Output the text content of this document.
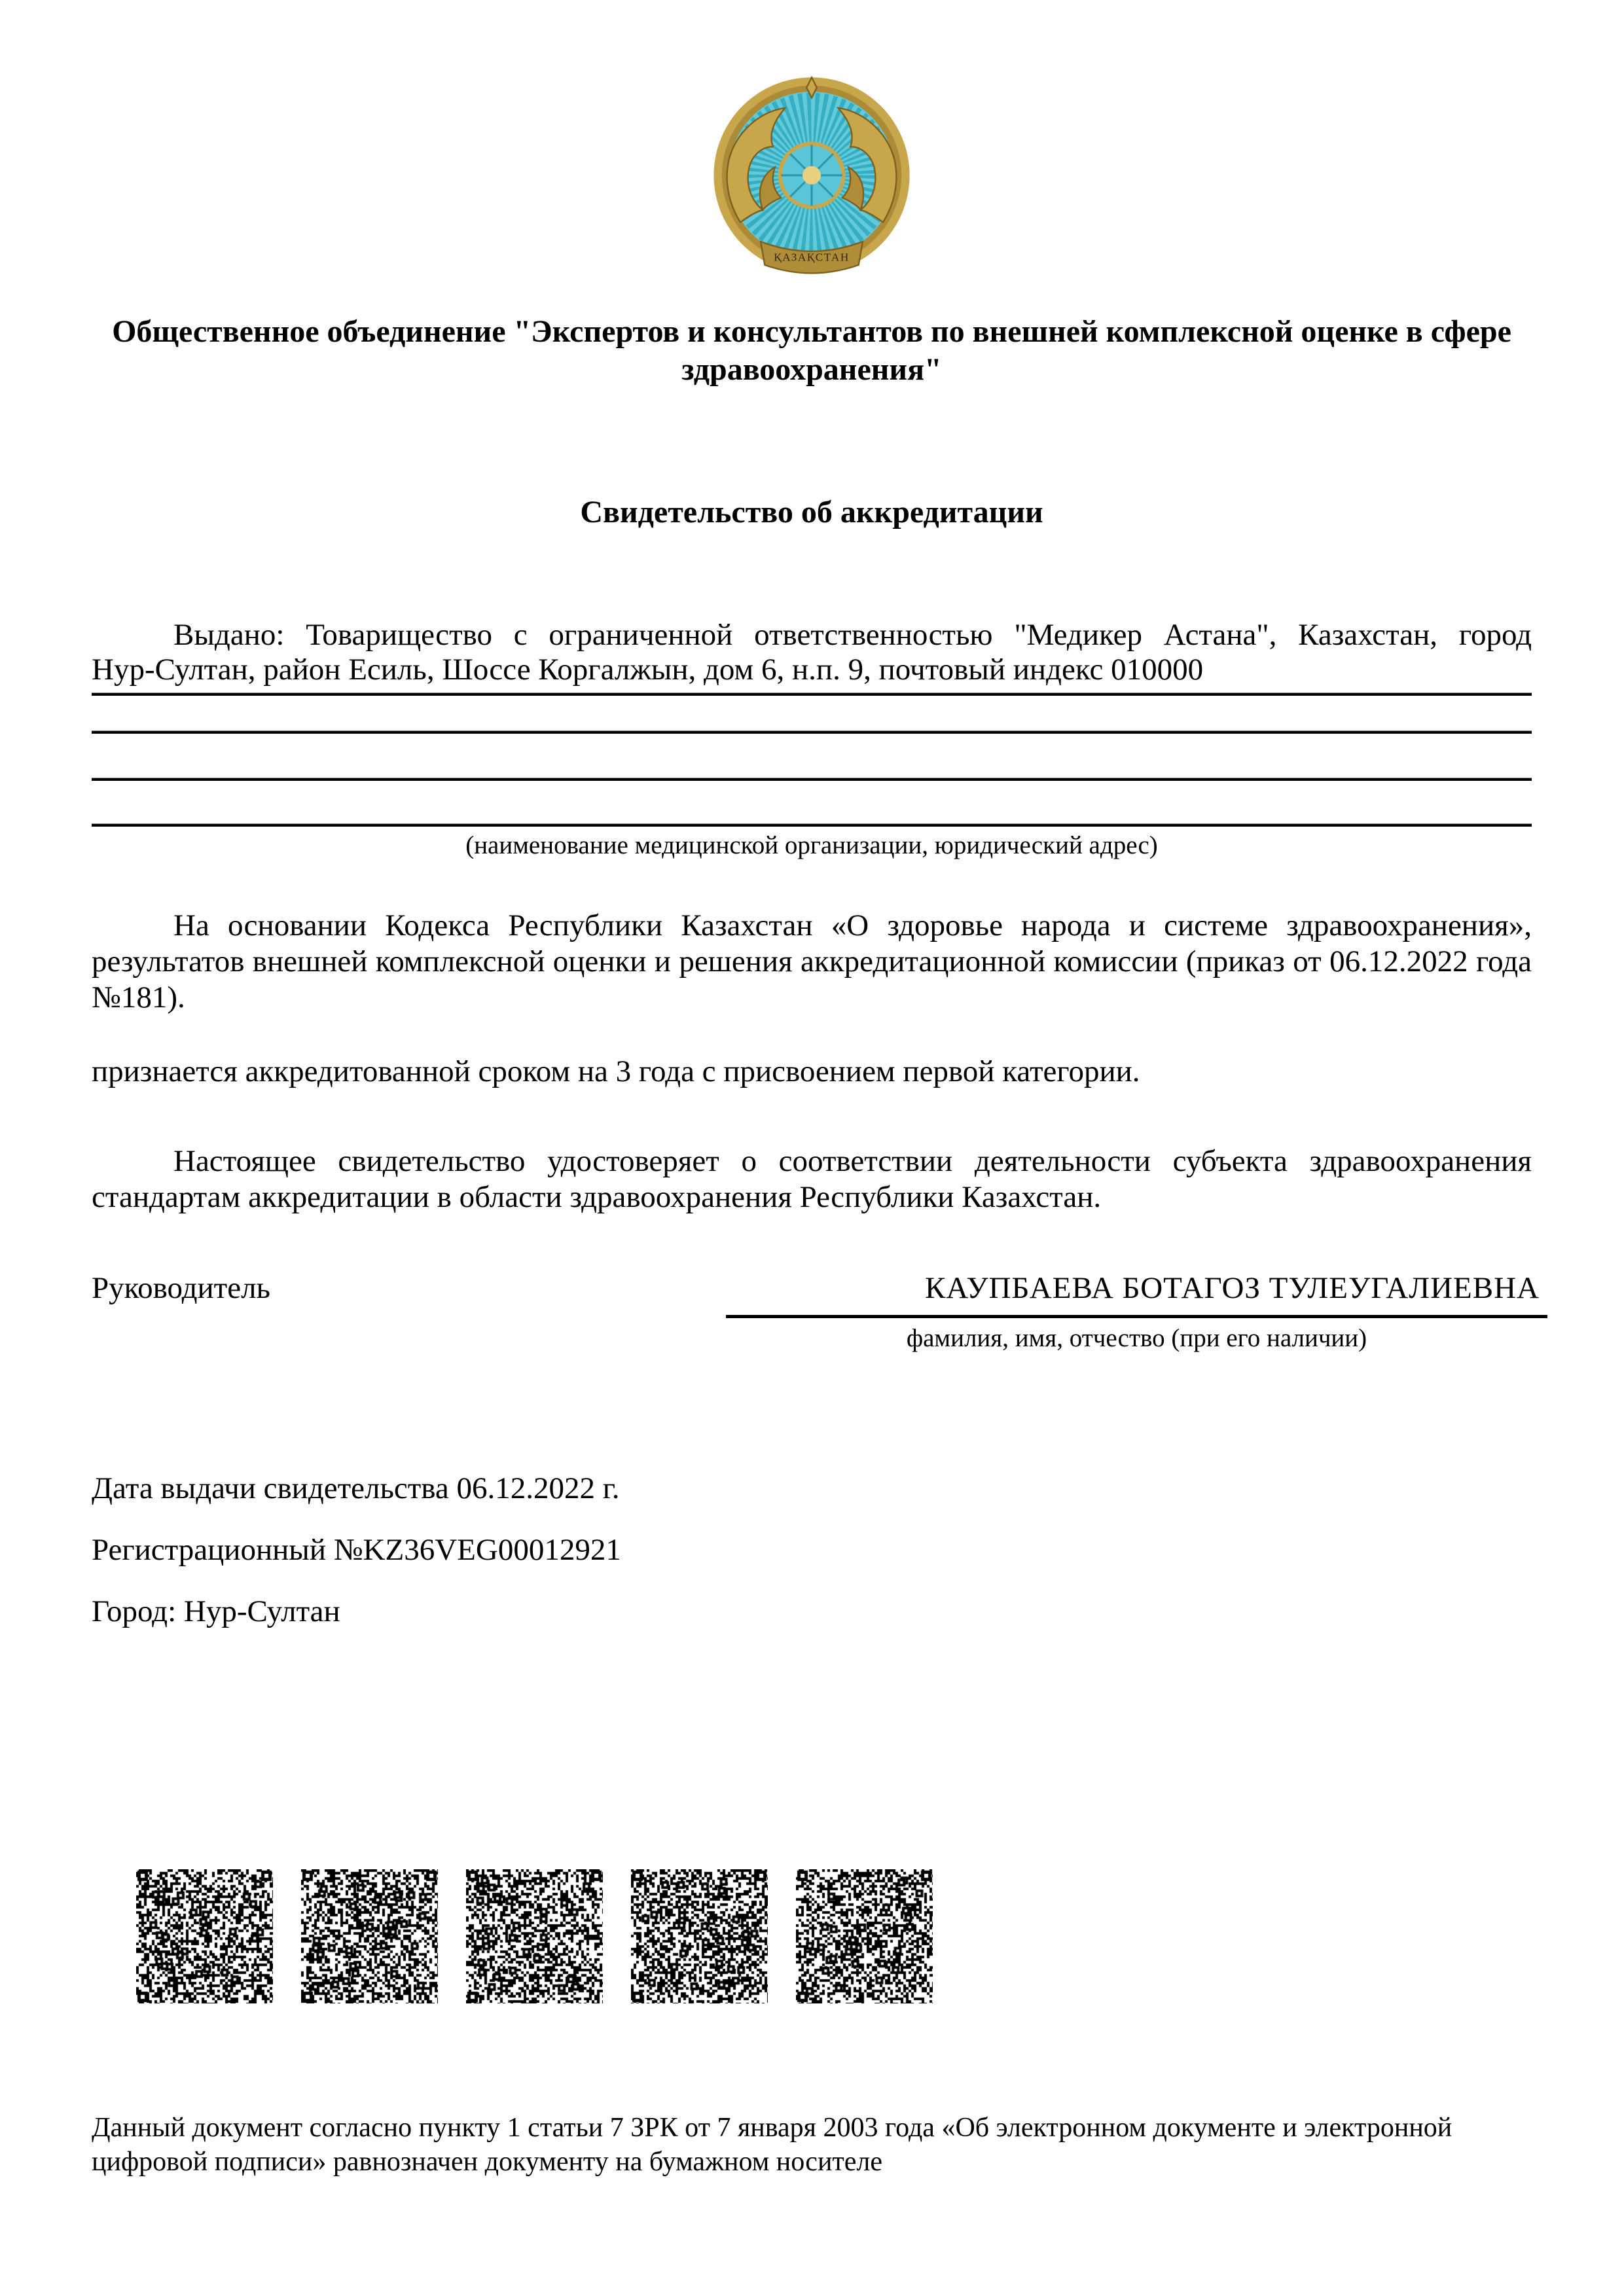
ҚАЗАҚСТАН
Общественное объединение "Экспертов и консультантов по внешней комплексной оценке в сфере здравоохранения"
Свидетельство об аккредитации
Выдано: Товарищество с ограниченной ответственностью "Медикер Астана", Казахстан, город
Нур-Султан, район Есиль, Шоссе Коргалжын, дом 6, н.п. 9, почтовый индекс 010000
(наименование медицинской организации, юридический адрес)
На основании Кодекса Республики Казахстан «О здоровье народа и системе здравоохранения», результатов внешней комплексной оценки и решения аккредитационной комиссии (приказ от 06.12.2022 года №181).
признается аккредитованной сроком на 3 года с присвоением первой категории.
Настоящее свидетельство удостоверяет о соответствии деятельности субъекта здравоохранения стандартам аккредитации в области здравоохранения Республики Казахстан.
Руководитель	КАУПБАЕВА БОТАГОЗ ТУЛЕУГАЛИЕВНА
фамилия, имя, отчество (при его наличии)
Дата выдачи свидетельства 06.12.2022 г.
Регистрационный №KZ36VEG00012921
Город: Нур-Султан
Данный документ согласно пункту 1 статьи 7 ЗРК от 7 января 2003 года «Об электронном документе и электронной цифровой подписи» равнозначен документу на бумажном носителе
